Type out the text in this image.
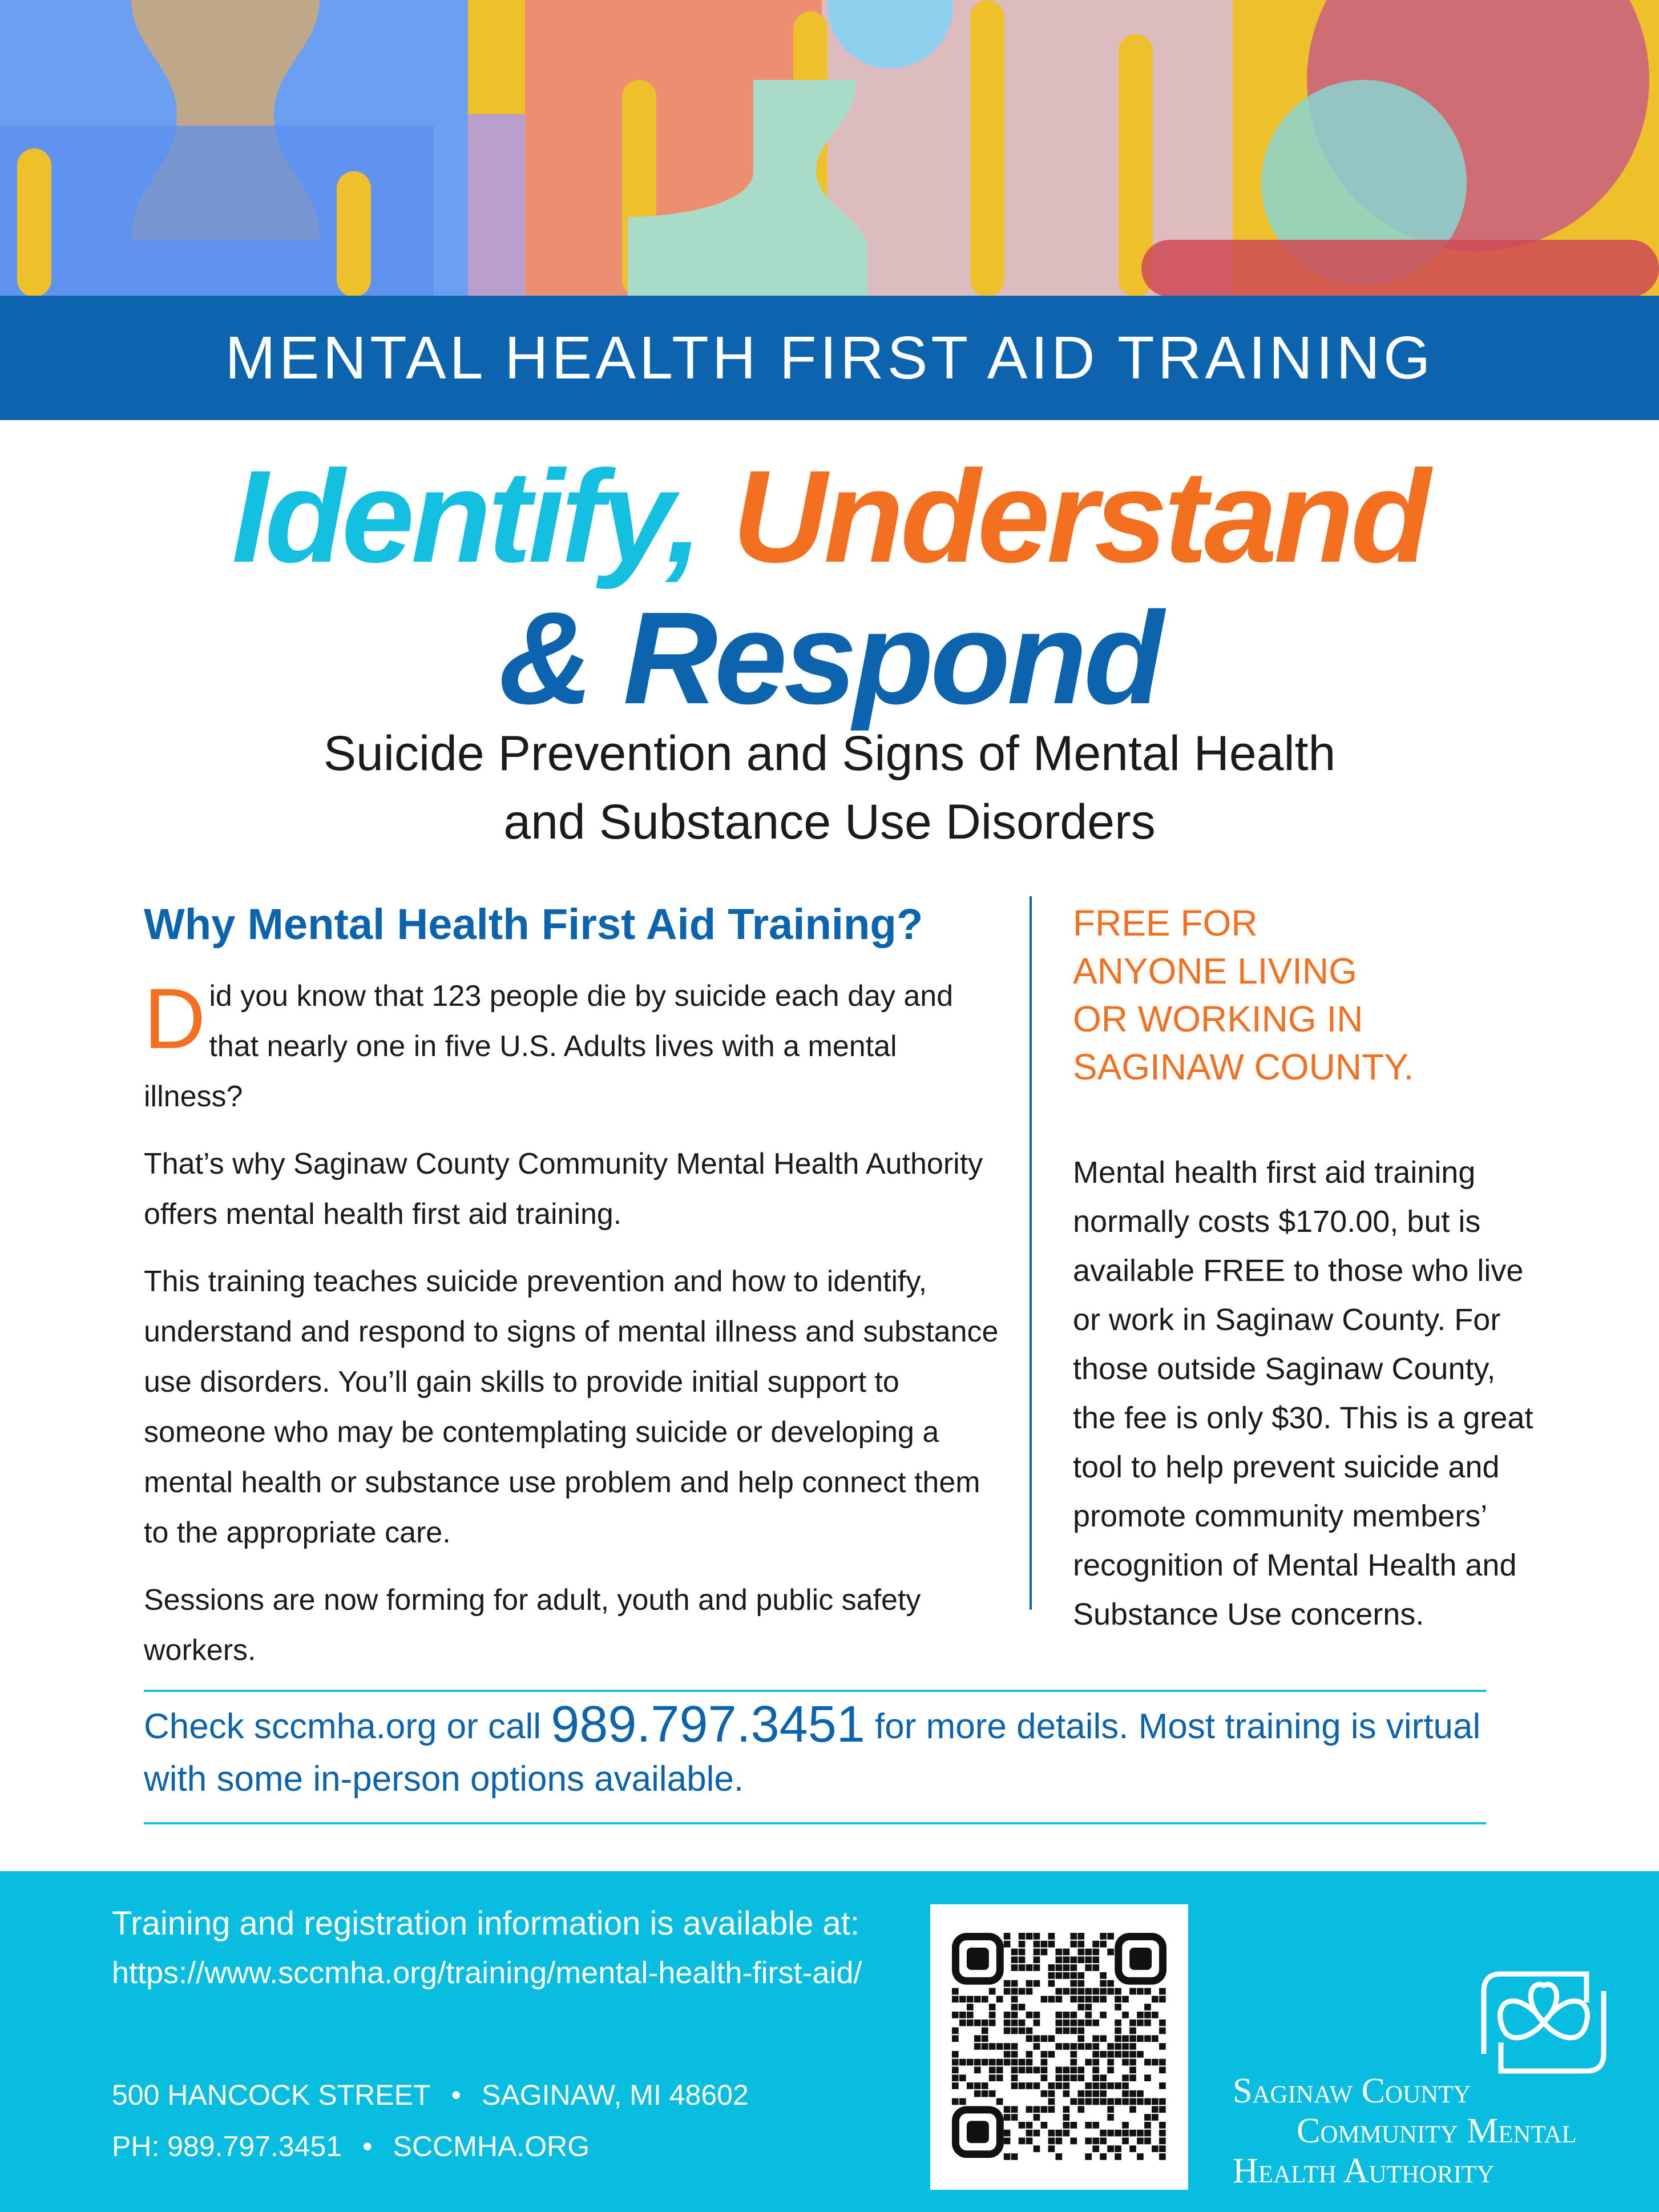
MENTAL HEALTH FIRST AID TRAINING
Identify, Understand
& Respond
Suicide Prevention and Signs of Mental Health
and Substance Use Disorders
Why Mental Health First Aid Training?

Did you know that 123 people die by suicide each day and that nearly one in five U.S. Adults lives with a mental illness?

That’s why Saginaw County Community Mental Health Authority offers mental health first aid training.

This training teaches suicide prevention and how to identify, understand and respond to signs of mental illness and substance use disorders. You’ll gain skills to provide initial support to someone who may be contemplating suicide or developing a mental health or substance use problem and help connect them to the appropriate care.

Sessions are now forming for adult, youth and public safety workers.

FREE FOR
ANYONE LIVING
OR WORKING IN
SAGINAW COUNTY.

Mental health first aid training normally costs $170.00, but is available FREE to those who live or work in Saginaw County. For those outside Saginaw County, the fee is only $30. This is a great tool to help prevent suicide and promote community members’ recognition of Mental Health and Substance Use concerns.

Check sccmha.org or call 989.797.3451 for more details. Most training is virtual with some in-person options available.
Training and registration information is available at:
https://www.sccmha.org/training/mental-health-first-aid/
500 HANCOCK STREET • SAGINAW, MI 48602
PH: 989.797.3451 • SCCMHA.ORG
Saginaw County
Community Mental
Health Authority
